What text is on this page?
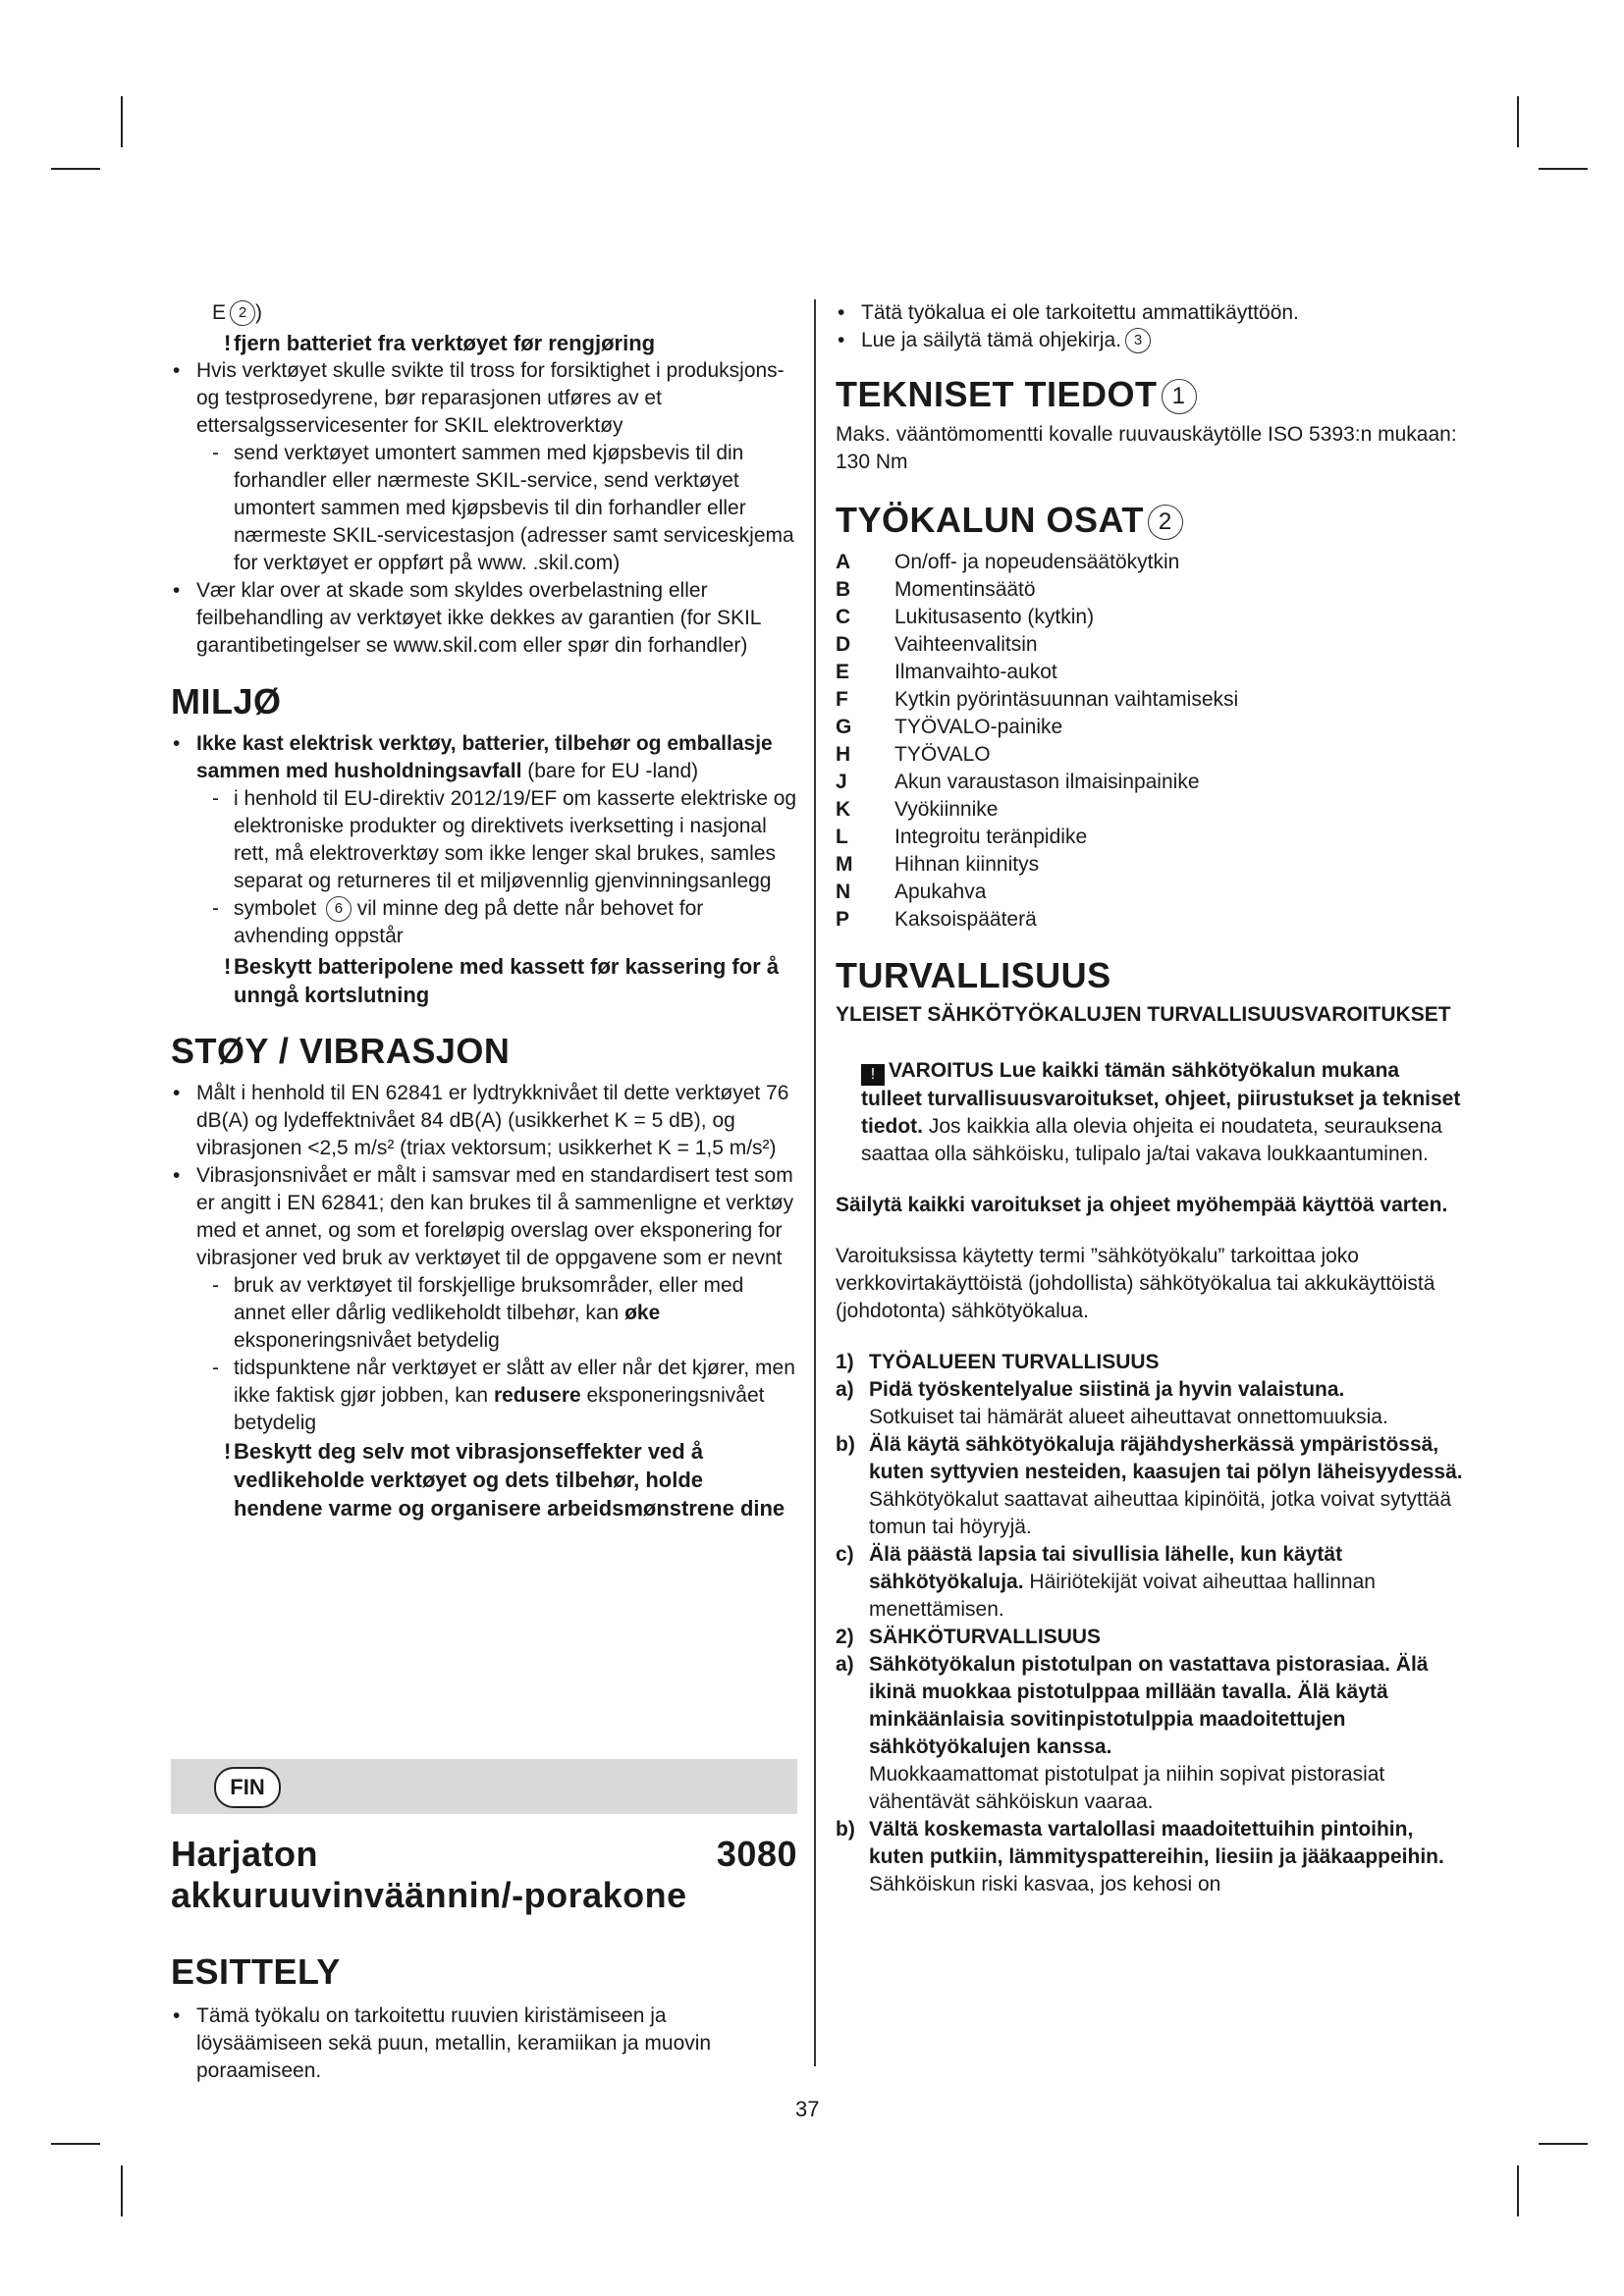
E 2 )
! fjern batteriet fra verktøyet før rengjøring
• Hvis verktøyet skulle svikte til tross for forsiktighet i produksjons- og testprosedyrene, bør reparasjonen utføres av et ettersalgsservicesenter for SKIL elektroverktøy
- send verktøyet umontert sammen med kjøpsbevis til din forhandler eller nærmeste SKIL-service, send verktøyet umontert sammen med kjøpsbevis til din forhandler eller nærmeste SKIL-servicestasjon (adresser samt serviceskjema for verktøyet er oppført på www. .skil.com)
• Vær klar over at skade som skyldes overbelastning eller feilbehandling av verktøyet ikke dekkes av garantien (for SKIL garantibetingelser se www.skil.com eller spør din forhandler)
MILJØ
• Ikke kast elektrisk verktøy, batterier, tilbehør og emballasje sammen med husholdningsavfall (bare for EU -land)
- i henhold til EU-direktiv 2012/19/EF om kasserte elektriske og elektroniske produkter og direktivets iverksetting i nasjonal rett, må elektroverktøy som ikke lenger skal brukes, samles separat og returneres til et miljøvennlig gjenvinningsanlegg
- symbolet 6 vil minne deg på dette når behovet for avhending oppstår
! Beskytt batteripolene med kassett før kassering for å unngå kortslutning
STØY / VIBRASJON
• Målt i henhold til EN 62841 er lydtrykknivået til dette verktøyet 76 dB(A) og lydeffektnivået 84 dB(A) (usikkerhet K = 5 dB), og vibrasjonen <2,5 m/s² (triax vektorsum; usikkerhet K = 1,5 m/s²)
• Vibrasjonsnivået er målt i samsvar med en standardisert test som er angitt i EN 62841; den kan brukes til å sammenligne et verktøy med et annet, og som et foreløpig overslag over eksponering for vibrasjoner ved bruk av verktøyet til de oppgavene som er nevnt
- bruk av verktøyet til forskjellige bruksområder, eller med annet eller dårlig vedlikeholdt tilbehør, kan øke eksponeringsnivået betydelig
- tidspunktene når verktøyet er slått av eller når det kjører, men ikke faktisk gjør jobben, kan redusere eksponeringsnivået betydelig
! Beskytt deg selv mot vibrasjonseffekter ved å vedlikeholde verktøyet og dets tilbehør, holde hendene varme og organisere arbeidsmønstrene dine
FIN
Harjaton
akkuruuvinväännin/-porakone
3080
ESITTELY
• Tämä työkalu on tarkoitettu ruuvien kiristämiseen ja löysäämiseen sekä puun, metallin, keramiikan ja muovin poraamiseen.
• Tätä työkalua ei ole tarkoitettu ammattikäyttöön.
• Lue ja säilytä tämä ohjekirja. 3
TEKNISET TIEDOT 1
Maks. vääntömomentti kovalle ruuvauskäytölle ISO 5393:n mukaan: 130 Nm
TYÖKALUN OSAT 2
A	On/off- ja nopeudensäätökytkin
B	Momentinsäätö
C	Lukitusasento (kytkin)
D	Vaihteenvalitsin
E	Ilmanvaihto-aukot
F	Kytkin pyörintäsuunnan vaihtamiseksi
G	TYÖVALO-painike
H	TYÖVALO
J	Akun varaustason ilmaisinpainike
K	Vyökiinnike
L	Integroitu teränpidike
M	Hihnan kiinnitys
N	Apukahva
P	Kaksoispääterä
TURVALLISUUS
YLEISET SÄHKÖTYÖKALUJEN TURVALLISUUSVAROITUKSET
! VAROITUS Lue kaikki tämän sähkötyökalun mukana tulleet turvallisuusvaroitukset, ohjeet, piirustukset ja tekniset tiedot. Jos kaikkia alla olevia ohjeita ei noudateta, seurauksena saattaa olla sähköisku, tulipalo ja/tai vakava loukkaantuminen.
Säilytä kaikki varoitukset ja ohjeet myöhempää käyttöä varten.
Varoituksissa käytetty termi ”sähkötyökalu” tarkoittaa joko verkkovirtakäyttöistä (johdollista) sähkötyökalua tai akkukäyttöistä (johdotonta) sähkötyökalua.
1) TYÖALUEEN TURVALLISUUS
a) Pidä työskentelyalue siistinä ja hyvin valaistuna.
Sotkuiset tai hämärät alueet aiheuttavat onnettomuuksia.
b) Älä käytä sähkötyökaluja räjähdysherkässä ympäristössä, kuten syttyvien nesteiden, kaasujen tai pölyn läheisyydessä. Sähkötyökalut saattavat aiheuttaa kipinöitä, jotka voivat sytyttää tomun tai höyryjä.
c) Älä päästä lapsia tai sivullisia lähelle, kun käytät sähkötyökaluja. Häiriötekijät voivat aiheuttaa hallinnan menettämisen.
2) SÄHKÖTURVALLISUUS
a) Sähkötyökalun pistotulpan on vastattava pistorasiaa. Älä ikinä muokkaa pistotulppaa millään tavalla. Älä käytä minkäänlaisia sovitinpistotulppia maadoitettujen sähkötyökalujen kanssa.
Muokkaamattomat pistotulpat ja niihin sopivat pistorasiat vähentävät sähköiskun vaaraa.
b) Vältä koskemasta vartalollasi maadoitettuihin pintoihin, kuten putkiin, lämmityspattereihin, liesiin ja jääkaappeihin. Sähköiskun riski kasvaa, jos kehosi on
37
